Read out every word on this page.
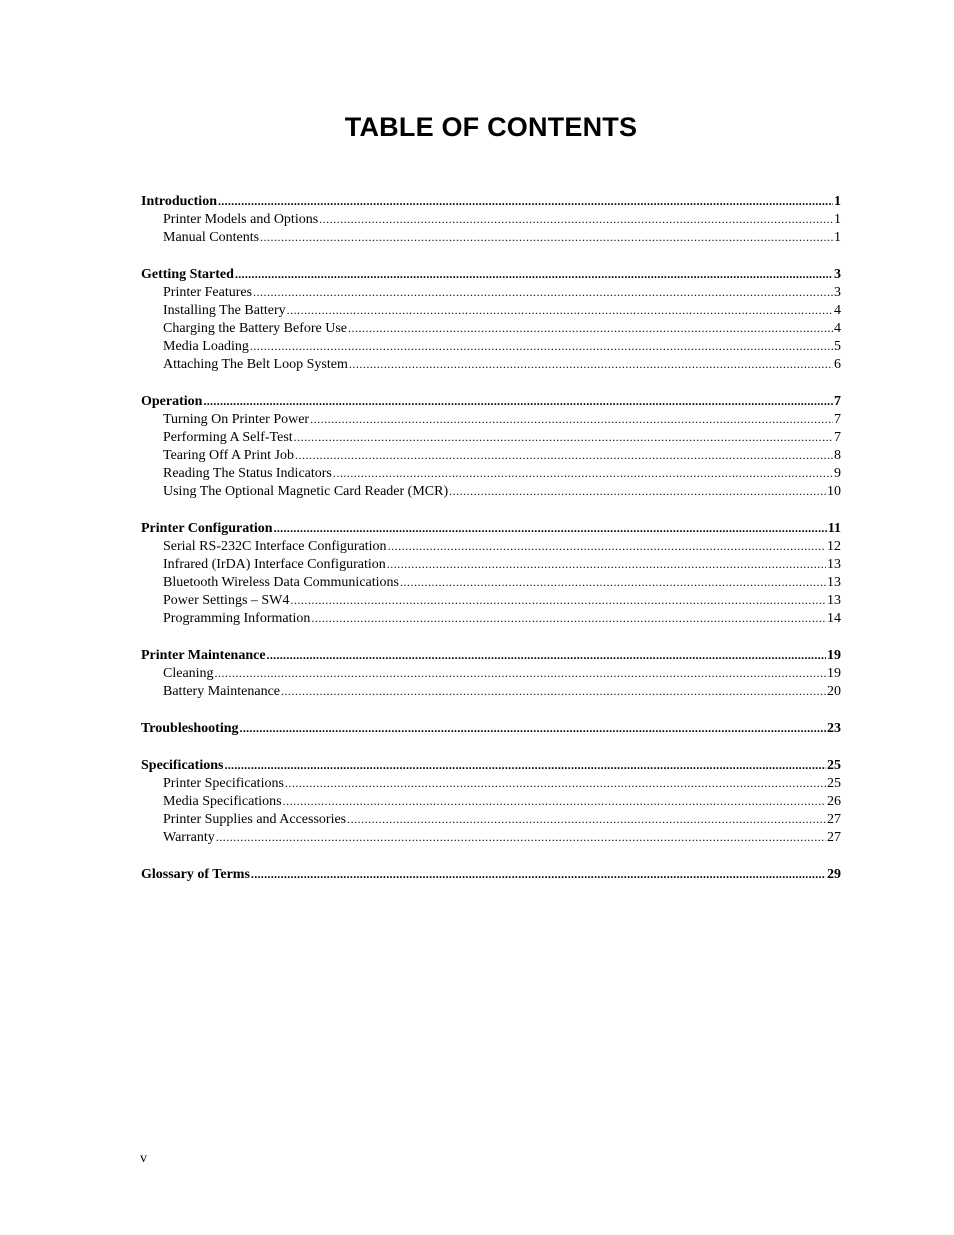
TABLE OF CONTENTS
Introduction .....	1
Printer Models and Options .....	1
Manual Contents .....	1
Getting Started .....	3
Printer Features .....	3
Installing The Battery .....	4
Charging the Battery Before Use .....	4
Media Loading .....	5
Attaching The Belt Loop System .....	6
Operation .....	7
Turning On Printer Power .....	7
Performing A Self-Test .....	7
Tearing Off A Print Job .....	8
Reading The Status Indicators .....	9
Using The Optional Magnetic Card Reader (MCR) .....	10
Printer Configuration .....	11
Serial RS-232C Interface Configuration .....	12
Infrared (IrDA) Interface Configuration .....	13
Bluetooth Wireless Data Communications .....	13
Power Settings – SW4 .....	13
Programming Information .....	14
Printer Maintenance .....	19
Cleaning .....	19
Battery Maintenance .....	20
Troubleshooting .....	23
Specifications .....	25
Printer Specifications .....	25
Media Specifications .....	26
Printer Supplies and Accessories .....	27
Warranty .....	27
Glossary of Terms .....	29
v
